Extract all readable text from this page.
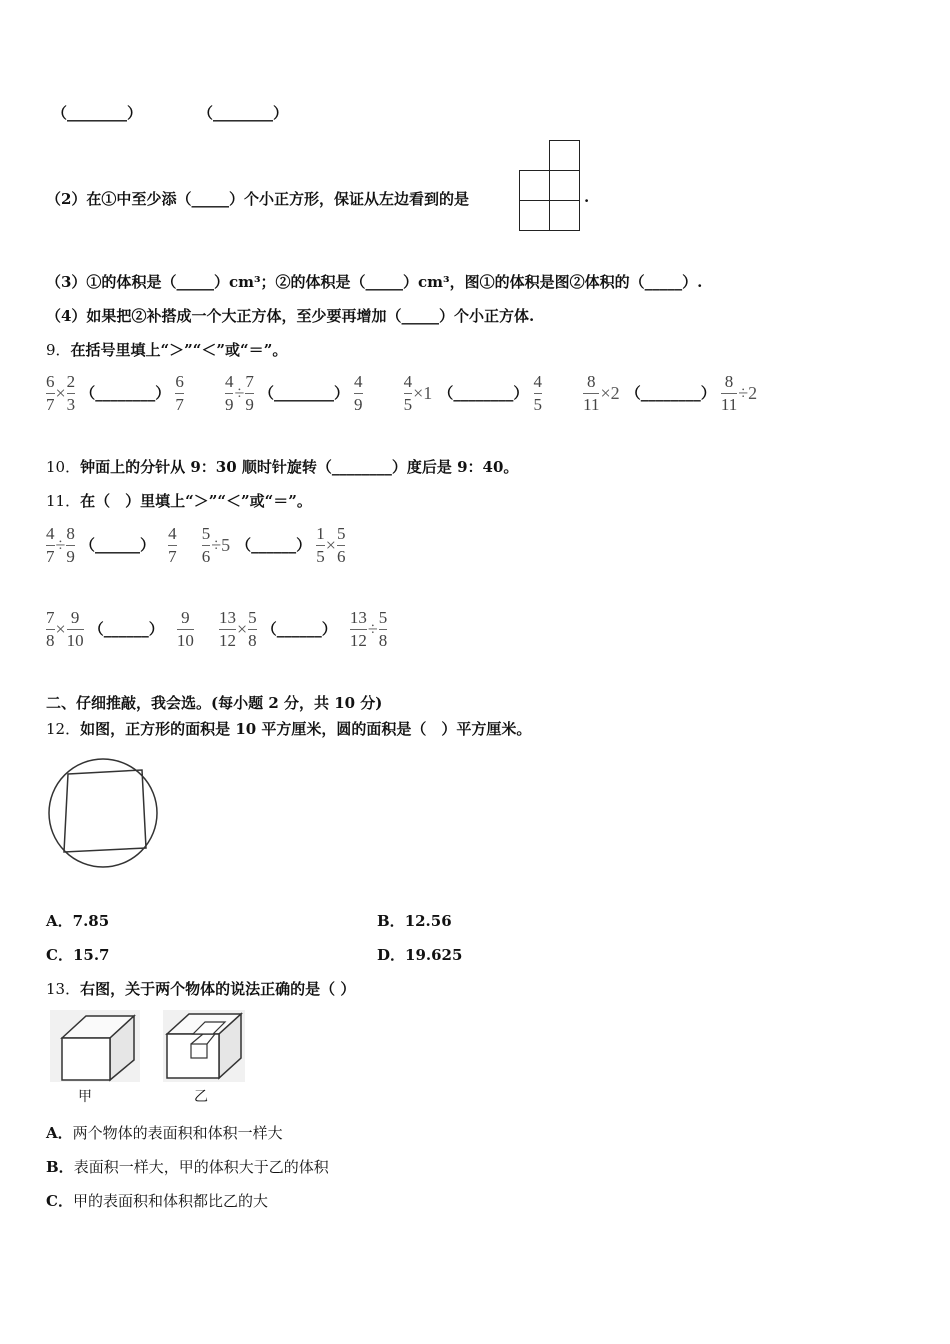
（________）	（________）
（2）在①中至少添（_____）个小正方形，保证从左边看到的是	.
（3）①的体积是（_____）cm³；②的体积是（_____）cm³，图①的体积是图②体积的（_____）.
（4）如果把②补搭成一个大正方体，至少要再增加（_____）个小正方体.
9．在括号里填上“＞”“＜”或“＝”。
$\frac{6}{7} \times \frac{2}{3}$ （________） $\frac{6}{7}$
$\frac{4}{9} \div \frac{7}{9}$ （________） $\frac{4}{9}$
$\frac{4}{5} \times 1$ （________） $\frac{4}{5}$
$\frac{8}{11} \times 2$ （________） $\frac{8}{11} \div 2$
10．钟面上的分针从 9：30 顺时针旋转（________）度后是 9：40。
11．在（　）里填上“＞”“＜”或“＝”。
$\frac{4}{7} \div \frac{8}{9}$ （______） $\frac{4}{7}$
$\frac{5}{6} \div 5$ （______） $\frac{1}{5} \times \frac{5}{6}$
$\frac{7}{8} \times \frac{9}{10}$ （______） $\frac{9}{10}$
$\frac{13}{12} \times \frac{5}{8}$ （______） $\frac{13}{12} \div \frac{5}{8}$
二、仔细推敲，我会选。(每小题 2 分，共 10 分)
12．如图，正方形的面积是 10 平方厘米，圆的面积是（　）平方厘米。
A．7.85	B．12.56
C．15.7	D．19.625
13．右图，关于两个物体的说法正确的是（ ）
甲	乙
A．两个物体的表面积和体积一样大
B．表面积一样大，甲的体积大于乙的体积
C．甲的表面积和体积都比乙的大
